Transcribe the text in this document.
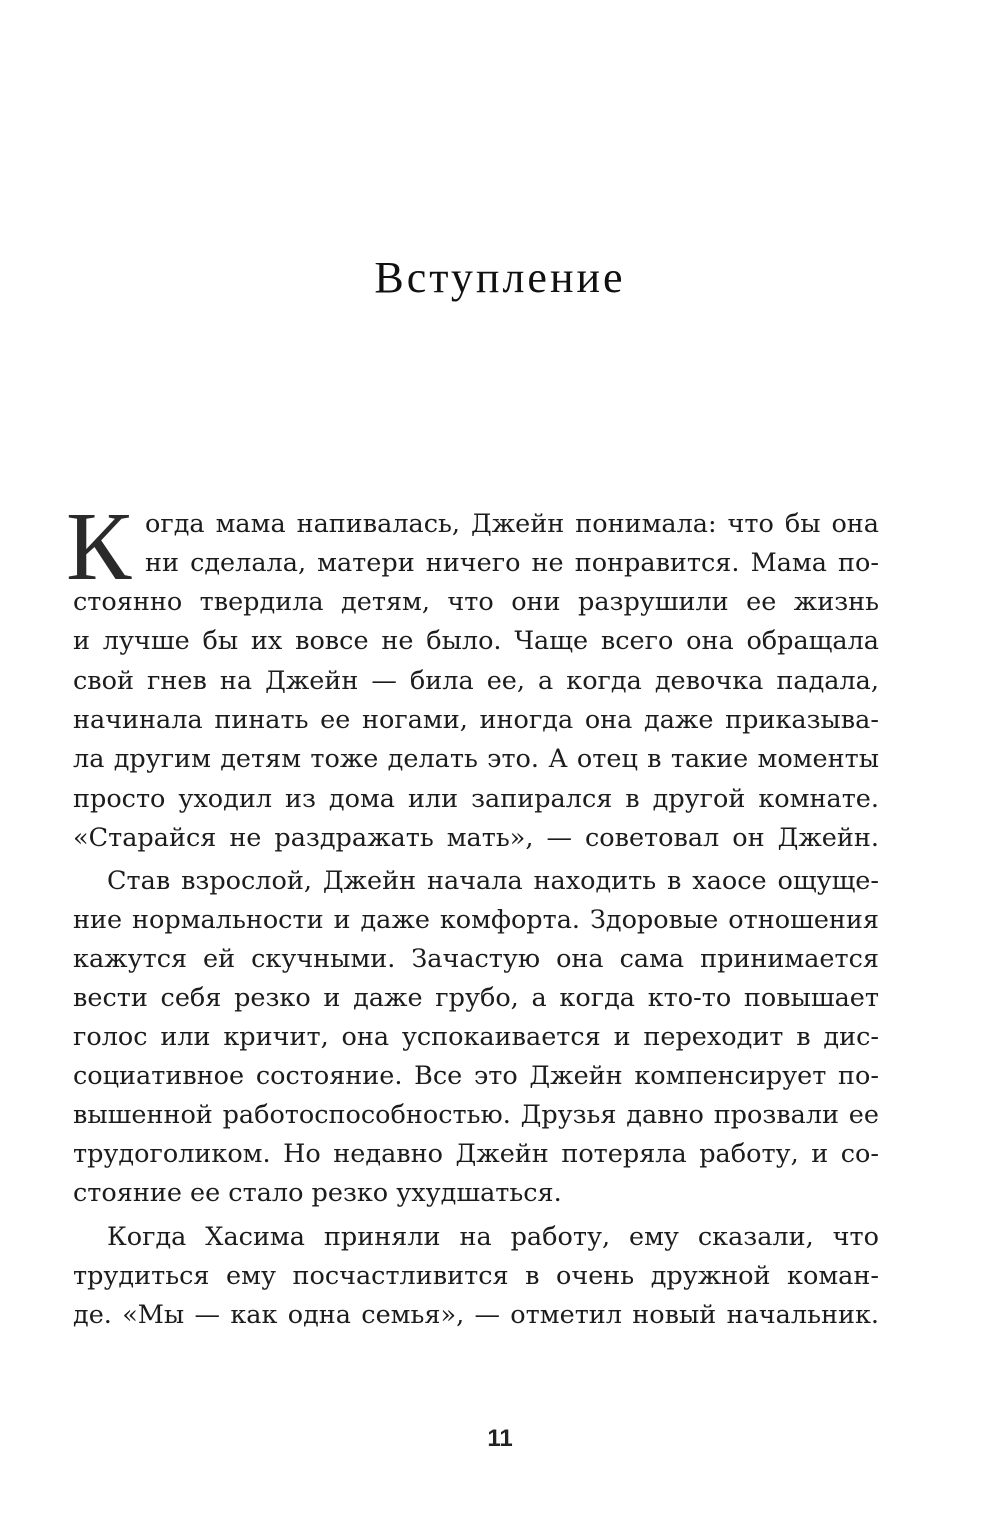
Вступление
К огда мама напивалась, Джейн понимала: что бы она
ни сделала, матери ничего не понравится. Мама по-
стоянно твердила детям, что они разрушили ее жизнь
и лучше бы их вовсе не было. Чаще всего она обращала
свой гнев на Джейн — била ее, а когда девочка падала,
начинала пинать ее ногами, иногда она даже приказыва-
ла другим детям тоже делать это. А отец в такие моменты
просто уходил из дома или запирался в другой комнате.
«Старайся не раздражать мать», — советовал он Джейн.
Став взрослой, Джейн начала находить в хаосе ощуще-
ние нормальности и даже комфорта. Здоровые отношения
кажутся ей скучными. Зачастую она сама принимается
вести себя резко и даже грубо, а когда кто-то повышает
голос или кричит, она успокаивается и переходит в дис-
социативное состояние. Все это Джейн компенсирует по-
вышенной работоспособностью. Друзья давно прозвали ее
трудоголиком. Но недавно Джейн потеряла работу, и со-
стояние ее стало резко ухудшаться.
Когда Хасима приняли на работу, ему сказали, что
трудиться ему посчастливится в очень дружной коман-
де. «Мы — как одна семья», — отметил новый начальник.
11
